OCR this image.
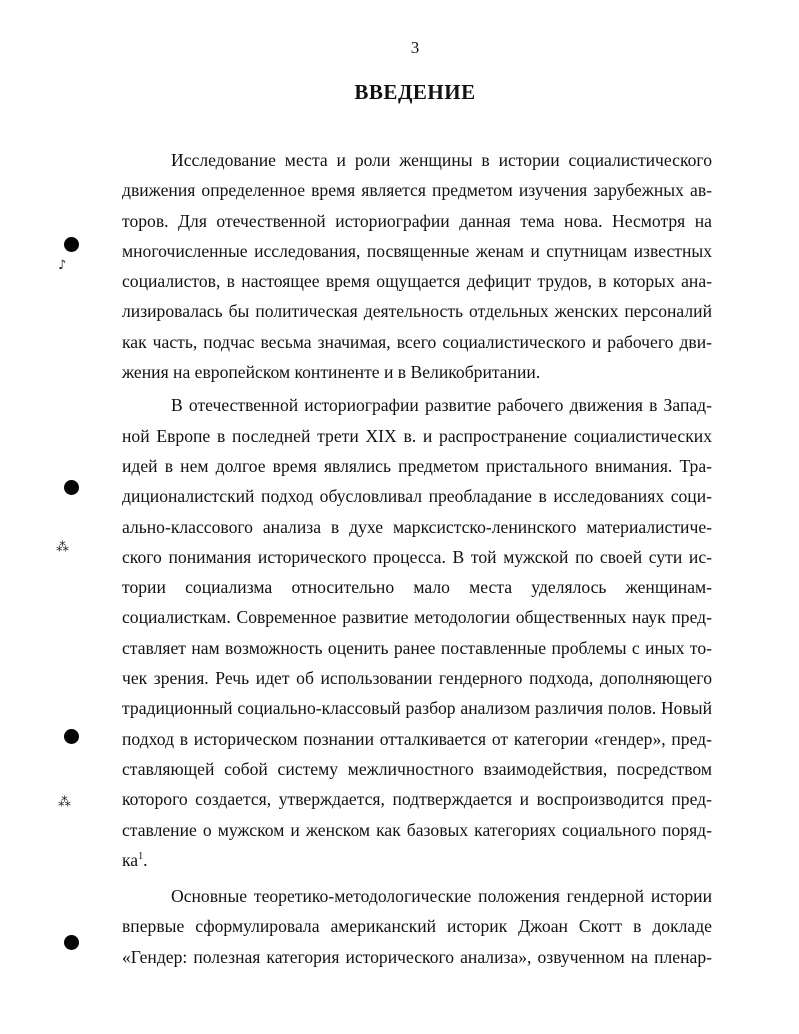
3
ВВЕДЕНИЕ

Исследование места и роли женщины в истории социалистического
движения определенное время является предметом изучения зарубежных ав-
торов. Для отечественной историографии данная тема нова. Несмотря на
многочисленные исследования, посвященные женам и спутницам известных
социалистов, в настоящее время ощущается дефицит трудов, в которых ана-
лизировалась бы политическая деятельность отдельных женских персоналий
как часть, подчас весьма значимая, всего социалистического и рабочего дви-
жения на европейском континенте и в Великобритании.

В отечественной историографии развитие рабочего движения в Запад-
ной Европе в последней трети XIX в. и распространение социалистических
идей в нем долгое время являлись предметом пристального внимания. Тра-
диционалистский подход обусловливал преобладание в исследованиях соци-
ально-классового анализа в духе марксистско-ленинского материалистиче-
ского понимания исторического процесса. В той мужской по своей сути ис-
тории социализма относительно мало места уделялось женщинам-
социалисткам. Современное развитие методологии общественных наук пред-
ставляет нам возможность оценить ранее поставленные проблемы с иных то-
чек зрения. Речь идет об использовании гендерного подхода, дополняющего
традиционный социально-классовый разбор анализом различия полов. Новый
подход в историческом познании отталкивается от категории «гендер», пред-
ставляющей собой систему межличностного взаимодействия, посредством
которого создается, утверждается, подтверждается и воспроизводится пред-
ставление о мужском и женском как базовых категориях социального поряд-
$ка^1$.

Основные теоретико-методологические положения гендерной истории
впервые сформулировала американский историк Джоан Скотт в докладе
«Гендер: полезная категория исторического анализа», озвученном на пленар-

♪
⁂
⁂
